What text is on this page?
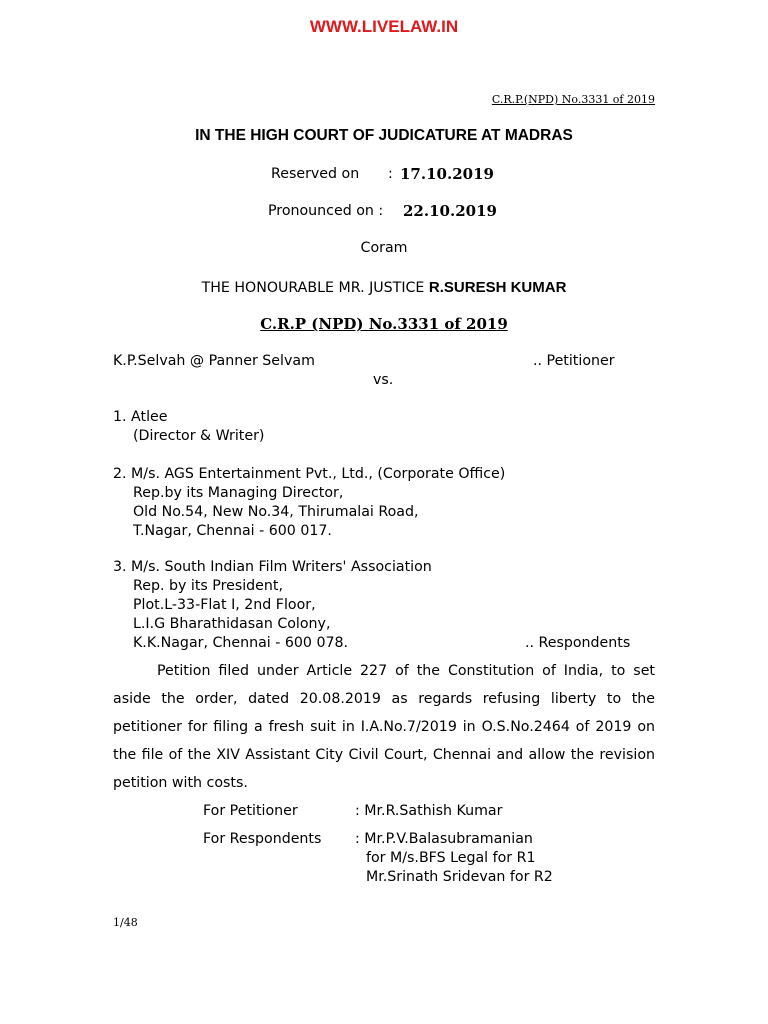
WWW.LIVELAW.IN
C.R.P.(NPD) No.3331 of 2019
IN THE HIGH COURT OF JUDICATURE AT MADRAS
Reserved on : 17.10.2019
Pronounced on : 22.10.2019
Coram
THE HONOURABLE MR. JUSTICE R.SURESH KUMAR
C.R.P (NPD) No.3331 of 2019
K.P.Selvah @ Panner Selvam	.. Petitioner
vs.
1. Atlee
(Director & Writer)
2. M/s. AGS Entertainment Pvt., Ltd., (Corporate Office)
Rep.by its Managing Director,
Old No.54, New No.34, Thirumalai Road,
T.Nagar, Chennai - 600 017.
3. M/s. South Indian Film Writers' Association
Rep. by its President,
Plot.L-33-Flat I, 2nd Floor,
L.I.G Bharathidasan Colony,
K.K.Nagar, Chennai - 600 078.	.. Respondents
Petition filed under Article 227 of the Constitution of India, to set aside the order, dated 20.08.2019 as regards refusing liberty to the petitioner for filing a fresh suit in I.A.No.7/2019 in O.S.No.2464 of 2019 on the file of the XIV Assistant City Civil Court, Chennai and allow the revision petition with costs.
For Petitioner	: Mr.R.Sathish Kumar
For Respondents : Mr.P.V.Balasubramanian
for M/s.BFS Legal for R1
Mr.Srinath Sridevan for R2
1/48
